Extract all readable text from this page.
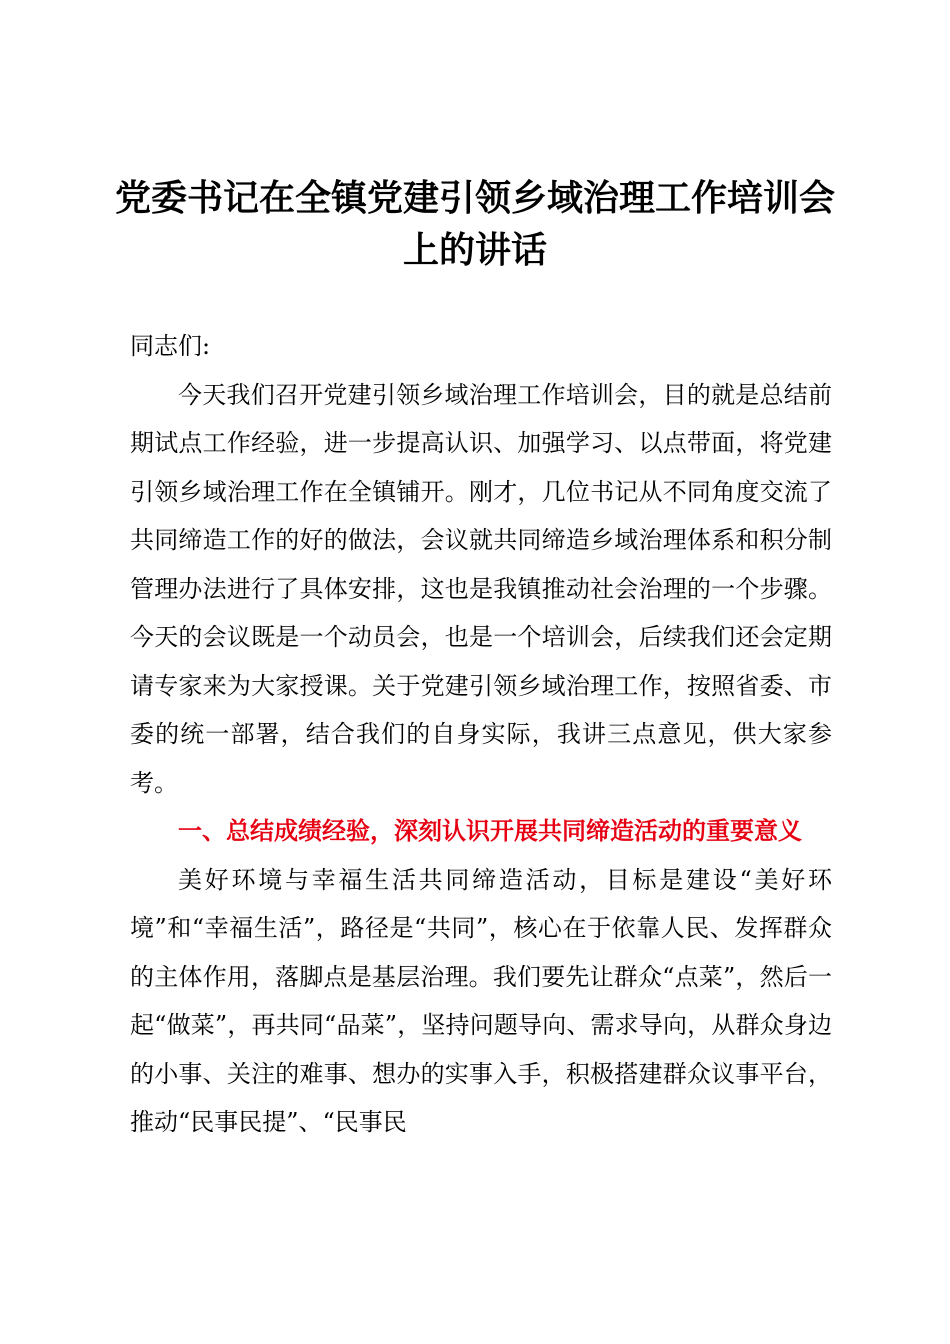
党委书记在全镇党建引领乡域治理工作培训会上的讲话

同志们:

今天我们召开党建引领乡域治理工作培训会，目的就是总结前期试点工作经验，进一步提高认识、加强学习、以点带面，将党建引领乡域治理工作在全镇铺开。刚才，几位书记从不同角度交流了共同缔造工作的好的做法，会议就共同缔造乡域治理体系和积分制管理办法进行了具体安排，这也是我镇推动社会治理的一个步骤。今天的会议既是一个动员会，也是一个培训会，后续我们还会定期请专家来为大家授课。关于党建引领乡域治理工作，按照省委、市委的统一部署，结合我们的自身实际，我讲三点意见，供大家参考。

一、总结成绩经验，深刻认识开展共同缔造活动的重要意义

美好环境与幸福生活共同缔造活动，目标是建设“美好环境”和“幸福生活”，路径是“共同”，核心在于依靠人民、发挥群众的主体作用，落脚点是基层治理。我们要先让群众“点菜”，然后一起“做菜”，再共同“品菜”，坚持问题导向、需求导向，从群众身边的小事、关注的难事、想办的实事入手，积极搭建群众议事平台，推动“民事民提”、“民事民
